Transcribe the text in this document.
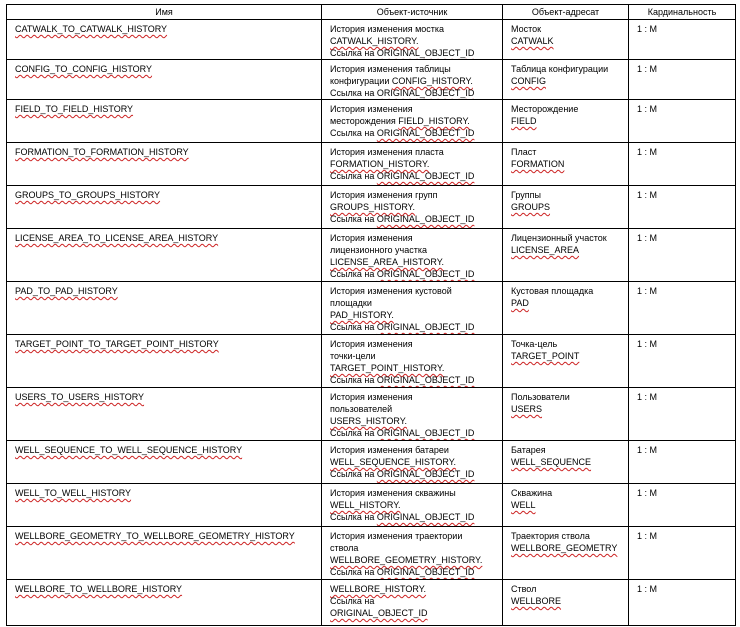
Имя	Объект-источник	Объект-адресат	Кардинальность

CATWALK_TO_CATWALK_HISTORY	История изменения мостка
CATWALK_HISTORY.
Ссылка на ORIGINAL_OBJECT_ID	Мосток
CATWALK	1 : M

CONFIG_TO_CONFIG_HISTORY	История изменения таблицы
конфигурации CONFIG_HISTORY.
Ссылка на ORIGINAL_OBJECT_ID	Таблица конфигурации
CONFIG	1 : M

FIELD_TO_FIELD_HISTORY	История изменения
месторождения FIELD_HISTORY.
Ссылка на ORIGINAL_OBJECT_ID	Месторождение
FIELD	1 : M

FORMATION_TO_FORMATION_HISTORY	История изменения пласта
FORMATION_HISTORY.
Ссылка на ORIGINAL_OBJECT_ID	Пласт
FORMATION	1 : M

GROUPS_TO_GROUPS_HISTORY	История изменения групп
GROUPS_HISTORY.
Ссылка на ORIGINAL_OBJECT_ID	Группы
GROUPS	1 : M

LICENSE_AREA_TO_LICENSE_AREA_HISTORY	История изменения
лицензионного участка
LICENSE_AREA_HISTORY.
Ссылка на ORIGINAL_OBJECT_ID	Лицензионный участок
LICENSE_AREA	1 : M

PAD_TO_PAD_HISTORY	История изменения кустовой
площадки
PAD_HISTORY.
Ссылка на ORIGINAL_OBJECT_ID	Кустовая площадка
PAD	1 : M

TARGET_POINT_TO_TARGET_POINT_HISTORY	История изменения
точки-цели
TARGET_POINT_HISTORY.
Ссылка на ORIGINAL_OBJECT_ID	Точка-цель
TARGET_POINT	1 : M

USERS_TO_USERS_HISTORY	История изменения
пользователей
USERS_HISTORY.
Ссылка на ORIGINAL_OBJECT_ID	Пользователи
USERS	1 : M

WELL_SEQUENCE_TO_WELL_SEQUENCE_HISTORY	История изменения батареи
WELL_SEQUENCE_HISTORY.
Ссылка на ORIGINAL_OBJECT_ID	Батарея
WELL_SEQUENCE	1 : M

WELL_TO_WELL_HISTORY	История изменения скважины
WELL_HISTORY.
Ссылка на ORIGINAL_OBJECT_ID	Скважина
WELL	1 : M

WELLBORE_GEOMETRY_TO_WELLBORE_GEOMETRY_HISTORY	История изменения траектории
ствола
WELLBORE_GEOMETRY_HISTORY.
Ссылка на ORIGINAL_OBJECT_ID	Траектория ствола
WELLBORE_GEOMETRY	1 : M

WELLBORE_TO_WELLBORE_HISTORY	WELLBORE_HISTORY.
Ссылка на
ORIGINAL_OBJECT_ID	Ствол
WELLBORE	1 : M
